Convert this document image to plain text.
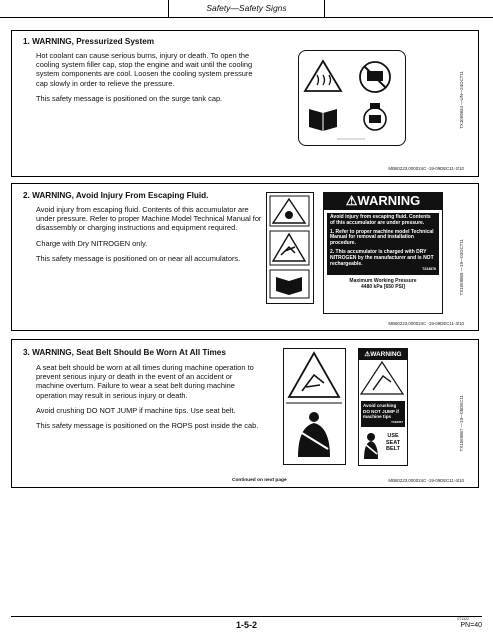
Safety—Safety Signs
1. WARNING, Pressurized System

Hot coolant can cause serious burns, injury or death. To open the cooling system filler cap, stop the engine and wait until the cooling system components are cool. Loosen the cooling system pressure cap slowly in order to relieve the pressure.

This safety message is positioned on the surge tank cap.	TX1069834 —UN—24OCT11
MB60223,000024C -19-09DEC11-2/10
2. WARNING, Avoid Injury From Escaping Fluid.

Avoid injury from escaping fluid. Contents of this accumulator are under pressure. Refer to proper Machine Model Technical Manual for disassembly or charging instructions and equipment required.

Charge with Dry NITROGEN only.

This safety message is positioned on or near all accumulators.

⚠WARNING
Avoid injury from escaping fluid. Contents of this accumulator are under pressure.
1. Refer to proper machine model Technical Manual for removal and installation procedure.
2. This accumulator is charged with DRY NITROGEN by the manufacturer and is NOT rechargeable.
T234876
Maximum Working Pressure
4480 kPa [650 PSI]	TX1069865 —19—03OCT11
MB60223,000024C -19-09DEC11-3/10
3. WARNING, Seat Belt Should Be Worn At All Times

A seat belt should be worn at all times during machine operation to prevent serious injury or death in the event of an accident or machine overturn. Failure to wear a seat belt during machine operation may result in serious injury or death.

Avoid crushing DO NOT JUMP if machine tips. Use seat belt.

This safety message is positioned on the ROPS post inside the cab.

⚠WARNING
Avoid crushing DO NOT JUMP if machine tips
T166057
USE SEAT BELT	TX1069867 —19—05DEC11
Continued on next page	MB60223,000024C -19-09DEC11-4/10
071322
1-5-2	PN=40
